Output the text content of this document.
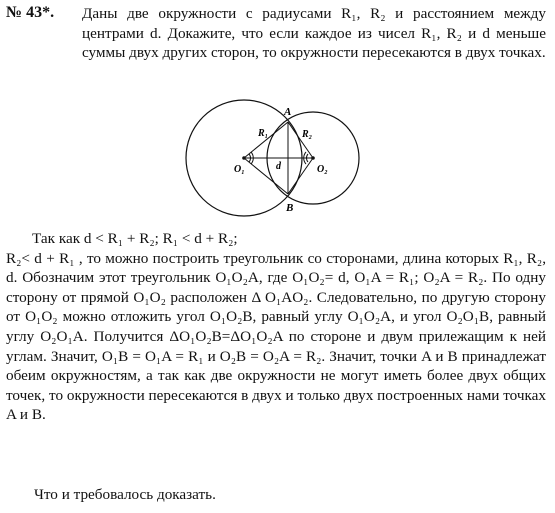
№ 43*. Даны две окружности с радиусами R₁, R₂ и расстоянием между центрами d. Докажите, что если каждое из чисел R₁, R₂ и d меньше суммы двух других сторон, то окружности пересекаются в двух точках.

A
B
O₁	O₂
R₁	R₂
d
Так как d < R₁ + R₂; R₁ < d + R₂;
R₂< d + R₁ , то можно построить треугольник со сторонами, длина которых R₁, R₂, d. Обозначим этот треугольник O₁O₂A, где O₁O₂= d, O₁A = R₁; O₂A = R₂. По одну сторону от прямой O₁O₂ расположен Δ O₁AO₂. Следовательно, по другую сторону от O₁O₂ можно отложить угол O₁O₂B, равный углу O₁O₂A, и угол O₂O₁B, равный углу O₂O₁A. Получится ΔO₁O₂B=ΔO₁O₂A по стороне и двум прилежащим к ней углам. Значит, O₁B = O₁A = R₁ и O₂B = O₂A = R₂. Значит, точки A и B принадлежат обеим окружностям, а так как две окружности не могут иметь более двух общих точек, то окружности пересекаются в двух и только двух построенных нами точках A и B.

Что и требовалось доказать.
